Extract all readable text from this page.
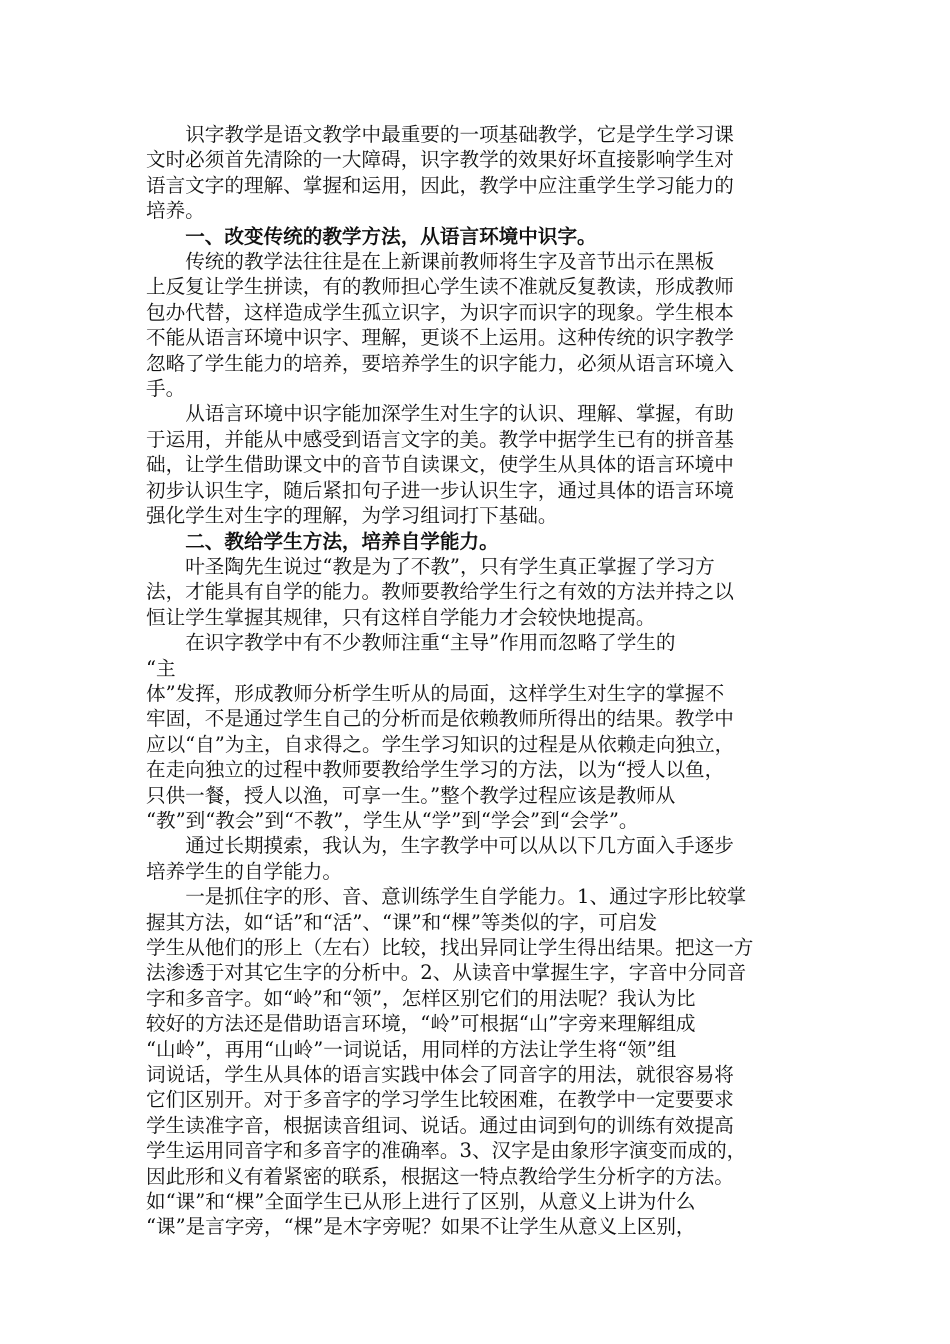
识字教学是语文教学中最重要的一项基础教学，它是学生学习课
文时必须首先清除的一大障碍，识字教学的效果好坏直接影响学生对
语言文字的理解、掌握和运用，因此，教学中应注重学生学习能力的
培养。
一、改变传统的教学方法，从语言环境中识字。
传统的教学法往往是在上新课前教师将生字及音节出示在黑板
上反复让学生拼读，有的教师担心学生读不准就反复教读，形成教师
包办代替，这样造成学生孤立识字，为识字而识字的现象。学生根本
不能从语言环境中识字、理解，更谈不上运用。这种传统的识字教学
忽略了学生能力的培养，要培养学生的识字能力，必须从语言环境入
手。
从语言环境中识字能加深学生对生字的认识、理解、掌握，有助
于运用，并能从中感受到语言文字的美。教学中据学生已有的拼音基
础，让学生借助课文中的音节自读课文，使学生从具体的语言环境中
初步认识生字，随后紧扣句子进一步认识生字，通过具体的语言环境
强化学生对生字的理解，为学习组词打下基础。
二、教给学生方法，培养自学能力。
叶圣陶先生说过“教是为了不教”，只有学生真正掌握了学习方
法，才能具有自学的能力。教师要教给学生行之有效的方法并持之以
恒让学生掌握其规律，只有这样自学能力才会较快地提高。
在识字教学中有不少教师注重“主导”作用而忽略了学生的
“主
体”发挥，形成教师分析学生听从的局面，这样学生对生字的掌握不
牢固，不是通过学生自己的分析而是依赖教师所得出的结果。教学中
应以“自”为主，自求得之。学生学习知识的过程是从依赖走向独立，
在走向独立的过程中教师要教给学生学习的方法，以为“授人以鱼，
只供一餐，授人以渔，可享一生。”整个教学过程应该是教师从
“教”到“教会”到“不教”，学生从“学”到“学会”到“会学”。
通过长期摸索，我认为，生字教学中可以从以下几方面入手逐步
培养学生的自学能力。
一是抓住字的形、音、意训练学生自学能力。1、通过字形比较掌
握其方法，如“话”和“活”、“课”和“棵”等类似的字，可启发
学生从他们的形上（左右）比较，找出异同让学生得出结果。把这一方
法渗透于对其它生字的分析中。2、从读音中掌握生字，字音中分同音
字和多音字。如“岭”和“领”，怎样区别它们的用法呢？我认为比
较好的方法还是借助语言环境，“岭”可根据“山”字旁来理解组成
“山岭”，再用“山岭”一词说话，用同样的方法让学生将“领”组
词说话，学生从具体的语言实践中体会了同音字的用法，就很容易将
它们区别开。对于多音字的学习学生比较困难，在教学中一定要要求
学生读准字音，根据读音组词、说话。通过由词到句的训练有效提高
学生运用同音字和多音字的准确率。3、汉字是由象形字演变而成的，
因此形和义有着紧密的联系，根据这一特点教给学生分析字的方法。
如“课”和“棵”全面学生已从形上进行了区别，从意义上讲为什么
“课”是言字旁，“棵”是木字旁呢？如果不让学生从意义上区别，
